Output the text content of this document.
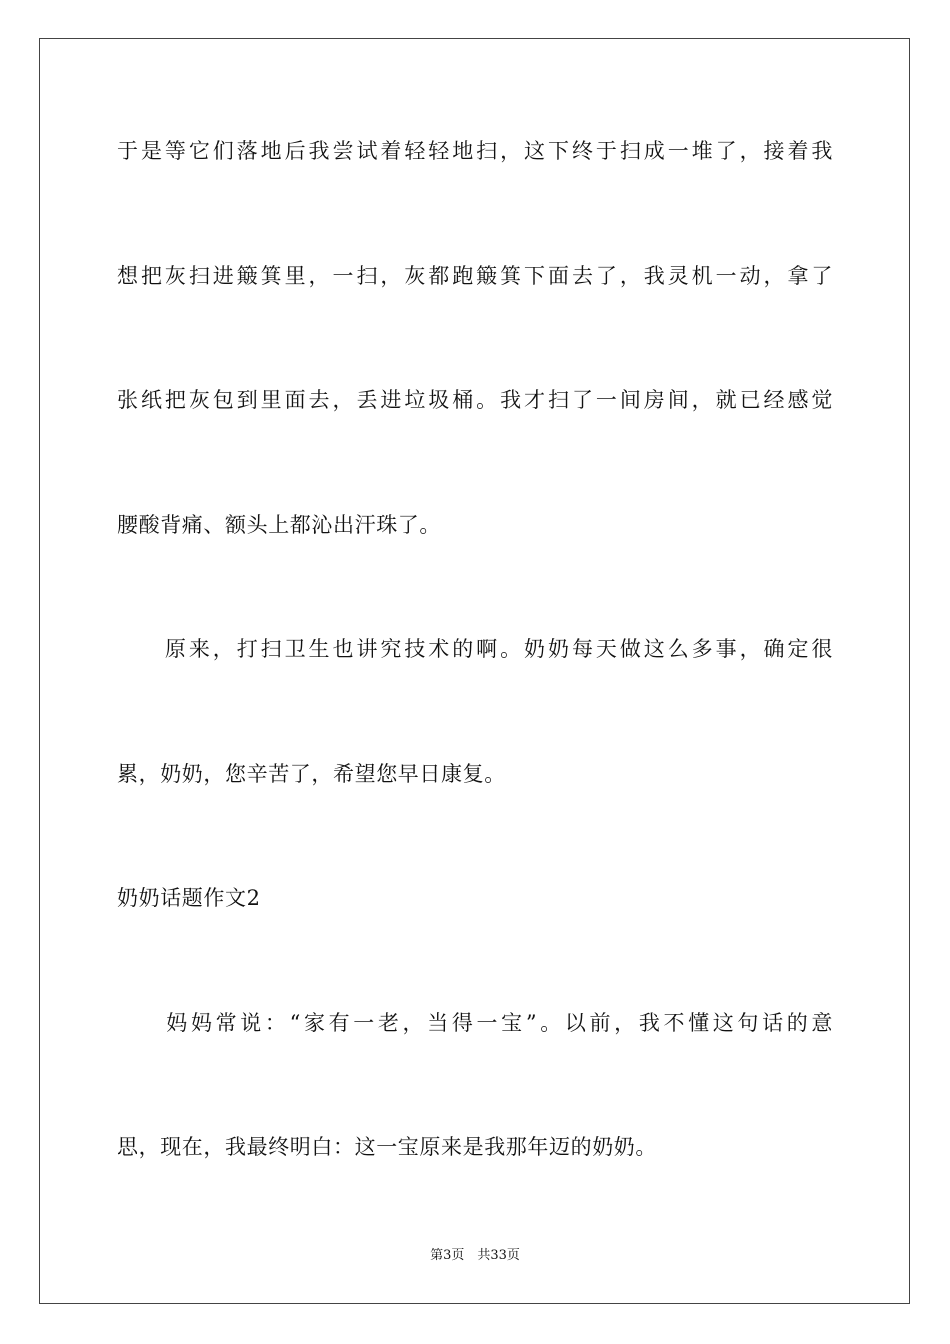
于是等它们落地后我尝试着轻轻地扫，这下终于扫成一堆了，接着我
想把灰扫进簸箕里，一扫，灰都跑簸箕下面去了，我灵机一动，拿了
张纸把灰包到里面去，丢进垃圾桶。我才扫了一间房间，就已经感觉
腰酸背痛、额头上都沁出汗珠了。
　　原来，打扫卫生也讲究技术的啊。奶奶每天做这么多事，确定很
累，奶奶，您辛苦了，希望您早日康复。
奶奶话题作文2
　　妈妈常说：“家有一老，当得一宝”。以前，我不懂这句话的意
思，现在，我最终明白：这一宝原来是我那年迈的奶奶。
第3页　共33页
